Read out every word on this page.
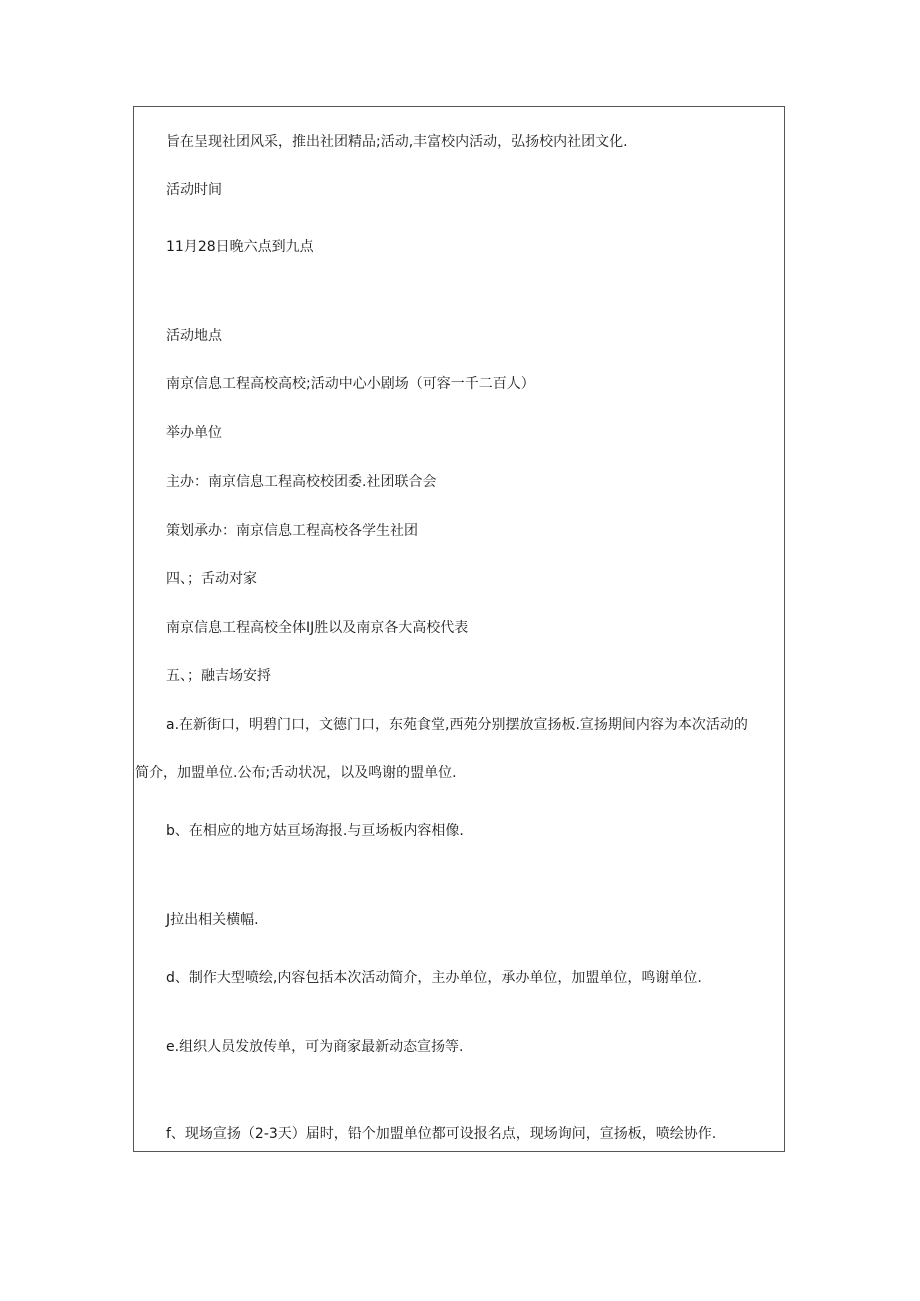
旨在呈现社团风采，推出社团精品;活动,丰富校内活动，弘扬校内社团文化.
活动时间
11月28日晚六点到九点
活动地点
南京信息工程高校高校;活动中心小剧场（可容一千二百人）
举办单位
主办：南京信息工程高校校团委.社团联合会
策划承办：南京信息工程高校各学生社团
四、；舌动对家
南京信息工程高校全体IJ胜以及南京各大高校代表
五、；融吉场安捋
a.在新街口，明碧门口，文德门口，东苑食堂,西苑分别摆放宣扬板.宣扬期间内容为本次活动的
简介，加盟单位.公布;舌动状况，以及鸣谢的盟单位.
b、在相应的地方姑亘场海报.与亘场板内容相像.
J拉出相关横幅.
d、制作大型喷绘,内容包括本次活动简介，主办单位，承办单位，加盟单位，鸣谢单位.
e.组织人员发放传单，可为商家最新动态宣扬等.
f、现场宣扬（2-3天）届时，铅个加盟单位都可设报名点，现场询问，宣扬板，喷绘协作.
